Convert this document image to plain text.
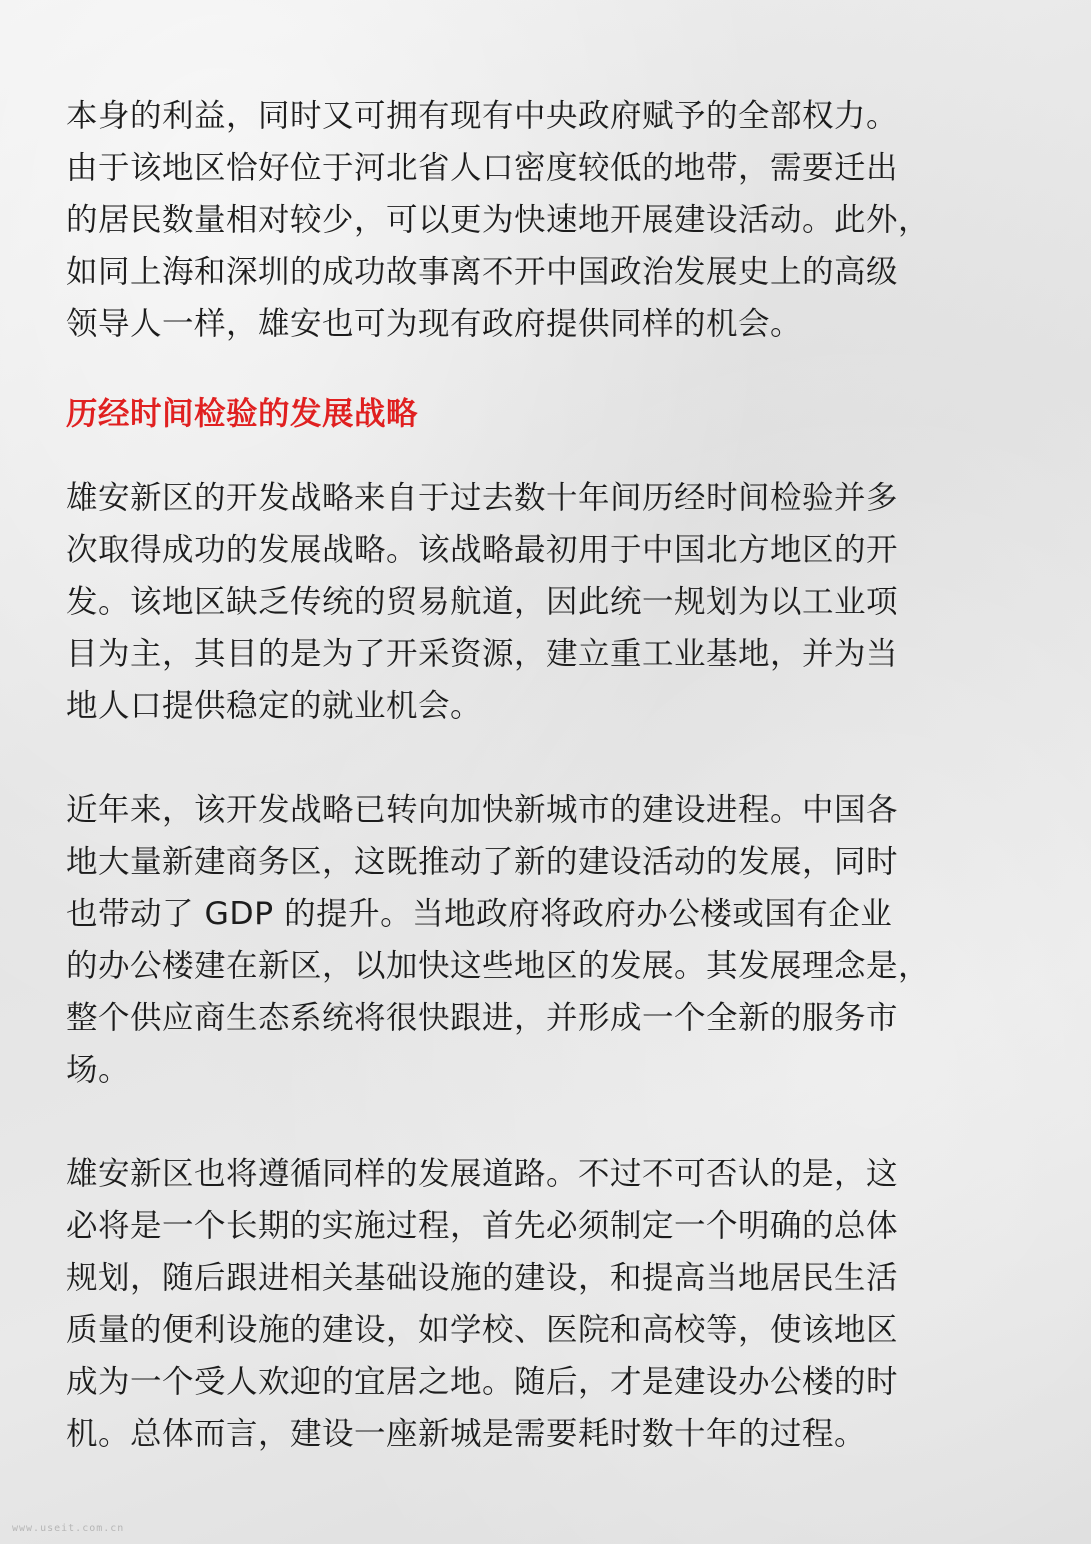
本身的利益，同时又可拥有现有中央政府赋予的全部权力。
由于该地区恰好位于河北省人口密度较低的地带，需要迁出
的居民数量相对较少，可以更为快速地开展建设活动。此外，
如同上海和深圳的成功故事离不开中国政治发展史上的高级
领导人一样，雄安也可为现有政府提供同样的机会。

历经时间检验的发展战略

雄安新区的开发战略来自于过去数十年间历经时间检验并多
次取得成功的发展战略。该战略最初用于中国北方地区的开
发。该地区缺乏传统的贸易航道，因此统一规划为以工业项
目为主，其目的是为了开采资源，建立重工业基地，并为当
地人口提供稳定的就业机会。

近年来，该开发战略已转向加快新城市的建设进程。中国各
地大量新建商务区，这既推动了新的建设活动的发展，同时
也带动了 GDP 的提升。当地政府将政府办公楼或国有企业
的办公楼建在新区，以加快这些地区的发展。其发展理念是，
整个供应商生态系统将很快跟进，并形成一个全新的服务市
场。

雄安新区也将遵循同样的发展道路。不过不可否认的是，这
必将是一个长期的实施过程，首先必须制定一个明确的总体
规划，随后跟进相关基础设施的建设，和提高当地居民生活
质量的便利设施的建设，如学校、医院和高校等，使该地区
成为一个受人欢迎的宜居之地。随后，才是建设办公楼的时
机。总体而言，建设一座新城是需要耗时数十年的过程。

www.useit.com.cn
